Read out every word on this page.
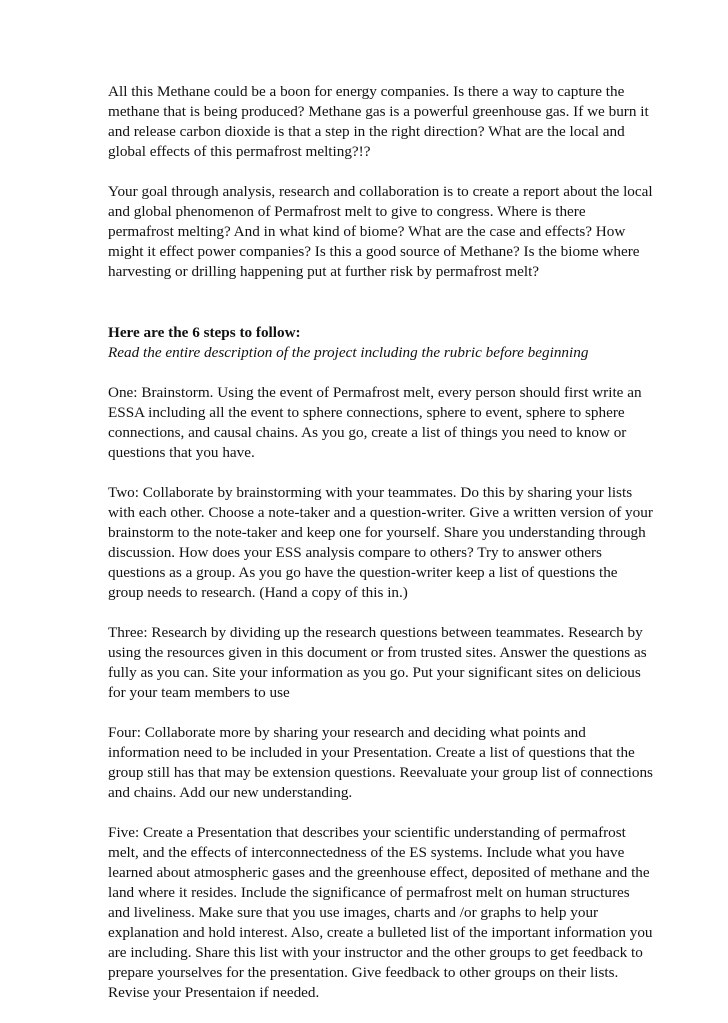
All this Methane could be a boon for energy companies. Is there a way to capture the methane that is being produced? Methane gas is a powerful greenhouse gas. If we burn it and release carbon dioxide is that a step in the right direction? What are the local and global effects of this permafrost melting?!?

Your goal through analysis, research and collaboration is to create a report about the local and global phenomenon of Permafrost melt to give to congress. Where is there permafrost melting? And in what kind of biome? What are the case and effects? How might it effect power companies? Is this a good source of Methane? Is the biome where harvesting or drilling happening put at further risk by permafrost melt?

Here are the 6 steps to follow:

Read the entire description of the project including the rubric before beginning

One: Brainstorm. Using the event of Permafrost melt, every person should first write an ESSA including all the event to sphere connections, sphere to event, sphere to sphere connections, and causal chains. As you go, create a list of things you need to know or questions that you have.

Two: Collaborate by brainstorming with your teammates. Do this by sharing your lists with each other. Choose a note-taker and a question-writer. Give a written version of your brainstorm to the note-taker and keep one for yourself. Share you understanding through discussion. How does your ESS analysis compare to others? Try to answer others questions as a group. As you go have the question-writer keep a list of questions the group needs to research. (Hand a copy of this in.)

Three: Research by dividing up the research questions between teammates. Research by using the resources given in this document or from trusted sites. Answer the questions as fully as you can. Site your information as you go. Put your significant sites on delicious for your team members to use

Four: Collaborate more by sharing your research and deciding what points and information need to be included in your Presentation. Create a list of questions that the group still has that may be extension questions. Reevaluate your group list of connections and chains. Add our new understanding.

Five: Create a Presentation that describes your scientific understanding of permafrost melt, and the effects of interconnectedness of the ES systems. Include what you have learned about atmospheric gases and the greenhouse effect, deposited of methane and the land where it resides. Include the significance of permafrost melt on human structures and liveliness. Make sure that you use images, charts and /or graphs to help your explanation and hold interest. Also, create a bulleted list of the important information you are including. Share this list with your instructor and the other groups to get feedback to prepare yourselves for the presentation. Give feedback to other groups on their lists. Revise your Presentaion if needed.
